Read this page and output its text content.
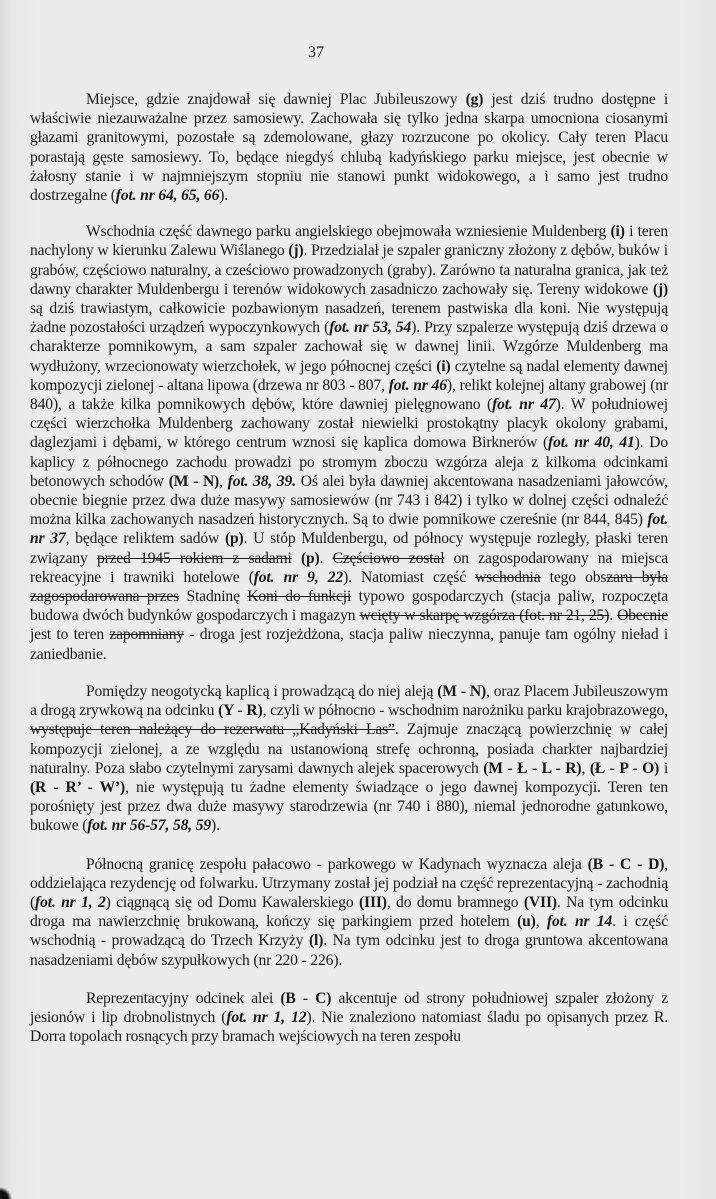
37

Miejsce, gdzie znajdował się dawniej Plac Jubileuszowy (g) jest dziś trudno dostępne i właściwie niezauważalne przez samosiewy. Zachowała się tylko jedna skarpa umocniona ciosanymi głazami granitowymi, pozostałe są zdemolowane, głazy rozrzucone po okolicy. Cały teren Placu porastają gęste samosiewy. To, będące niegdyś chlubą kadyńskiego parku miejsce, jest obecnie w żałosny stanie i w najmniejszym stopniu nie stanowi punkt widokowego, a i samo jest trudno dostrzegalne (fot. nr 64, 65, 66).

Wschodnia część dawnego parku angielskiego obejmowała wzniesienie Muldenberg (i) i teren nachylony w kierunku Zalewu Wiślanego (j). Przedzialał je szpaler graniczny złożony z dębów, buków i grabów, częściowo naturalny, a cześciowo prowadzonych (graby). Zarówno ta naturalna granica, jak też dawny charakter Muldenbergu i terenów widokowych zasadniczo zachowały się. Tereny widokowe (j) są dziś trawiastym, całkowicie pozbawionym nasadzeń, terenem pastwiska dla koni. Nie występują żadne pozostałości urządzeń wypoczynkowych (fot. nr 53, 54). Przy szpalerze występują dziś drzewa o charakterze pomnikowym, a sam szpaler zachował się w dawnej linii. Wzgórze Muldenberg ma wydłużony, wrzecionowaty wierzchołek, w jego północnej części (i) czytelne są nadal elementy dawnej kompozycji zielonej - altana lipowa (drzewa nr 803 - 807, fot. nr 46), relikt kolejnej altany grabowej (nr 840), a także kilka pomnikowych dębów, które dawniej pielęgnowano (fot. nr 47). W południowej części wierzchołka Muldenberg zachowany został niewielki prostokątny placyk okolony grabami, daglezjami i dębami, w którego centrum wznosi się kaplica domowa Birknerów (fot. nr 40, 41). Do kaplicy z północnego zachodu prowadzi po stromym zboczu wzgórza aleja z kilkoma odcinkami betonowych schodów (M - N), fot. 38, 39. Oś alei była dawniej akcentowana nasadzeniami jałowców, obecnie biegnie przez dwa duże masywy samosiewów (nr 743 i 842) i tylko w dolnej części odnaleźć można kilka zachowanych nasadzeń historycznych. Są to dwie pomnikowe czereśnie (nr 844, 845) fot. nr 37, będące reliktem sadów (p). U stóp Muldenbergu, od północy występuje rozległy, płaski teren związany przed 1945 rokiem z sadami (p). Częściowo został on zagospodarowany na miejsca rekreacyjne i trawniki hotelowe (fot. nr 9, 22). Natomiast część wschodnia tego obszaru była zagospodarowana przes Stadninę Koni do funkcji typowo gospodarczych (stacja paliw, rozpoczęta budowa dwóch budynków gospodarczych i magazyn wcięty w skarpę wzgórza (fot. nr 21, 25). Obecnie jest to teren zapomniany - droga jest rozjeżdżona, stacja paliw nieczynna, panuje tam ogólny nieład i zaniedbanie.

Pomiędzy neogotycką kaplicą i prowadzącą do niej aleją (M - N), oraz Placem Jubileuszowym a drogą zrywkową na odcinku (Y - R), czyli w północno - wschodnim narożniku parku krajobrazowego, występuje teren należący do rezerwatu „Kadyński Las”. Zajmuje znaczącą powierzchnię w całej kompozycji zielonej, a ze względu na ustanowioną strefę ochronną, posiada charkter najbardziej naturalny. Poza słabo czytelnymi zarysami dawnych alejek spacerowych (M - Ł - L - R), (Ł - P - O) i (R - R’ - W’), nie występują tu żadne elementy świadzące o jego dawnej kompozycji. Teren ten porośnięty jest przez dwa duże masywy starodrzewia (nr 740 i 880), niemal jednorodne gatunkowo, bukowe (fot. nr 56-57, 58, 59).

Północną granicę zespołu pałacowo - parkowego w Kadynach wyznacza aleja (B - C - D), oddzielająca rezydencję od folwarku. Utrzymany został jej podział na część reprezentacyjną - zachodnią (fot. nr 1, 2) ciągnącą się od Domu Kawalerskiego (III), do domu bramnego (VII). Na tym odcinku droga ma nawierzchnię brukowaną, kończy się parkingiem przed hotelem (u), fot. nr 14. i część wschodnią - prowadzącą do Trzech Krzyży (l). Na tym odcinku jest to droga gruntowa akcentowana nasadzeniami dębów szypułkowych (nr 220 - 226).

Reprezentacyjny odcinek alei (B - C) akcentuje od strony południowej szpaler złożony z jesionów i lip drobnolistnych (fot. nr 1, 12). Nie znaleziono natomiast śladu po opisanych przez R. Dorra topolach rosnących przy bramach wejściowych na teren zespołu
